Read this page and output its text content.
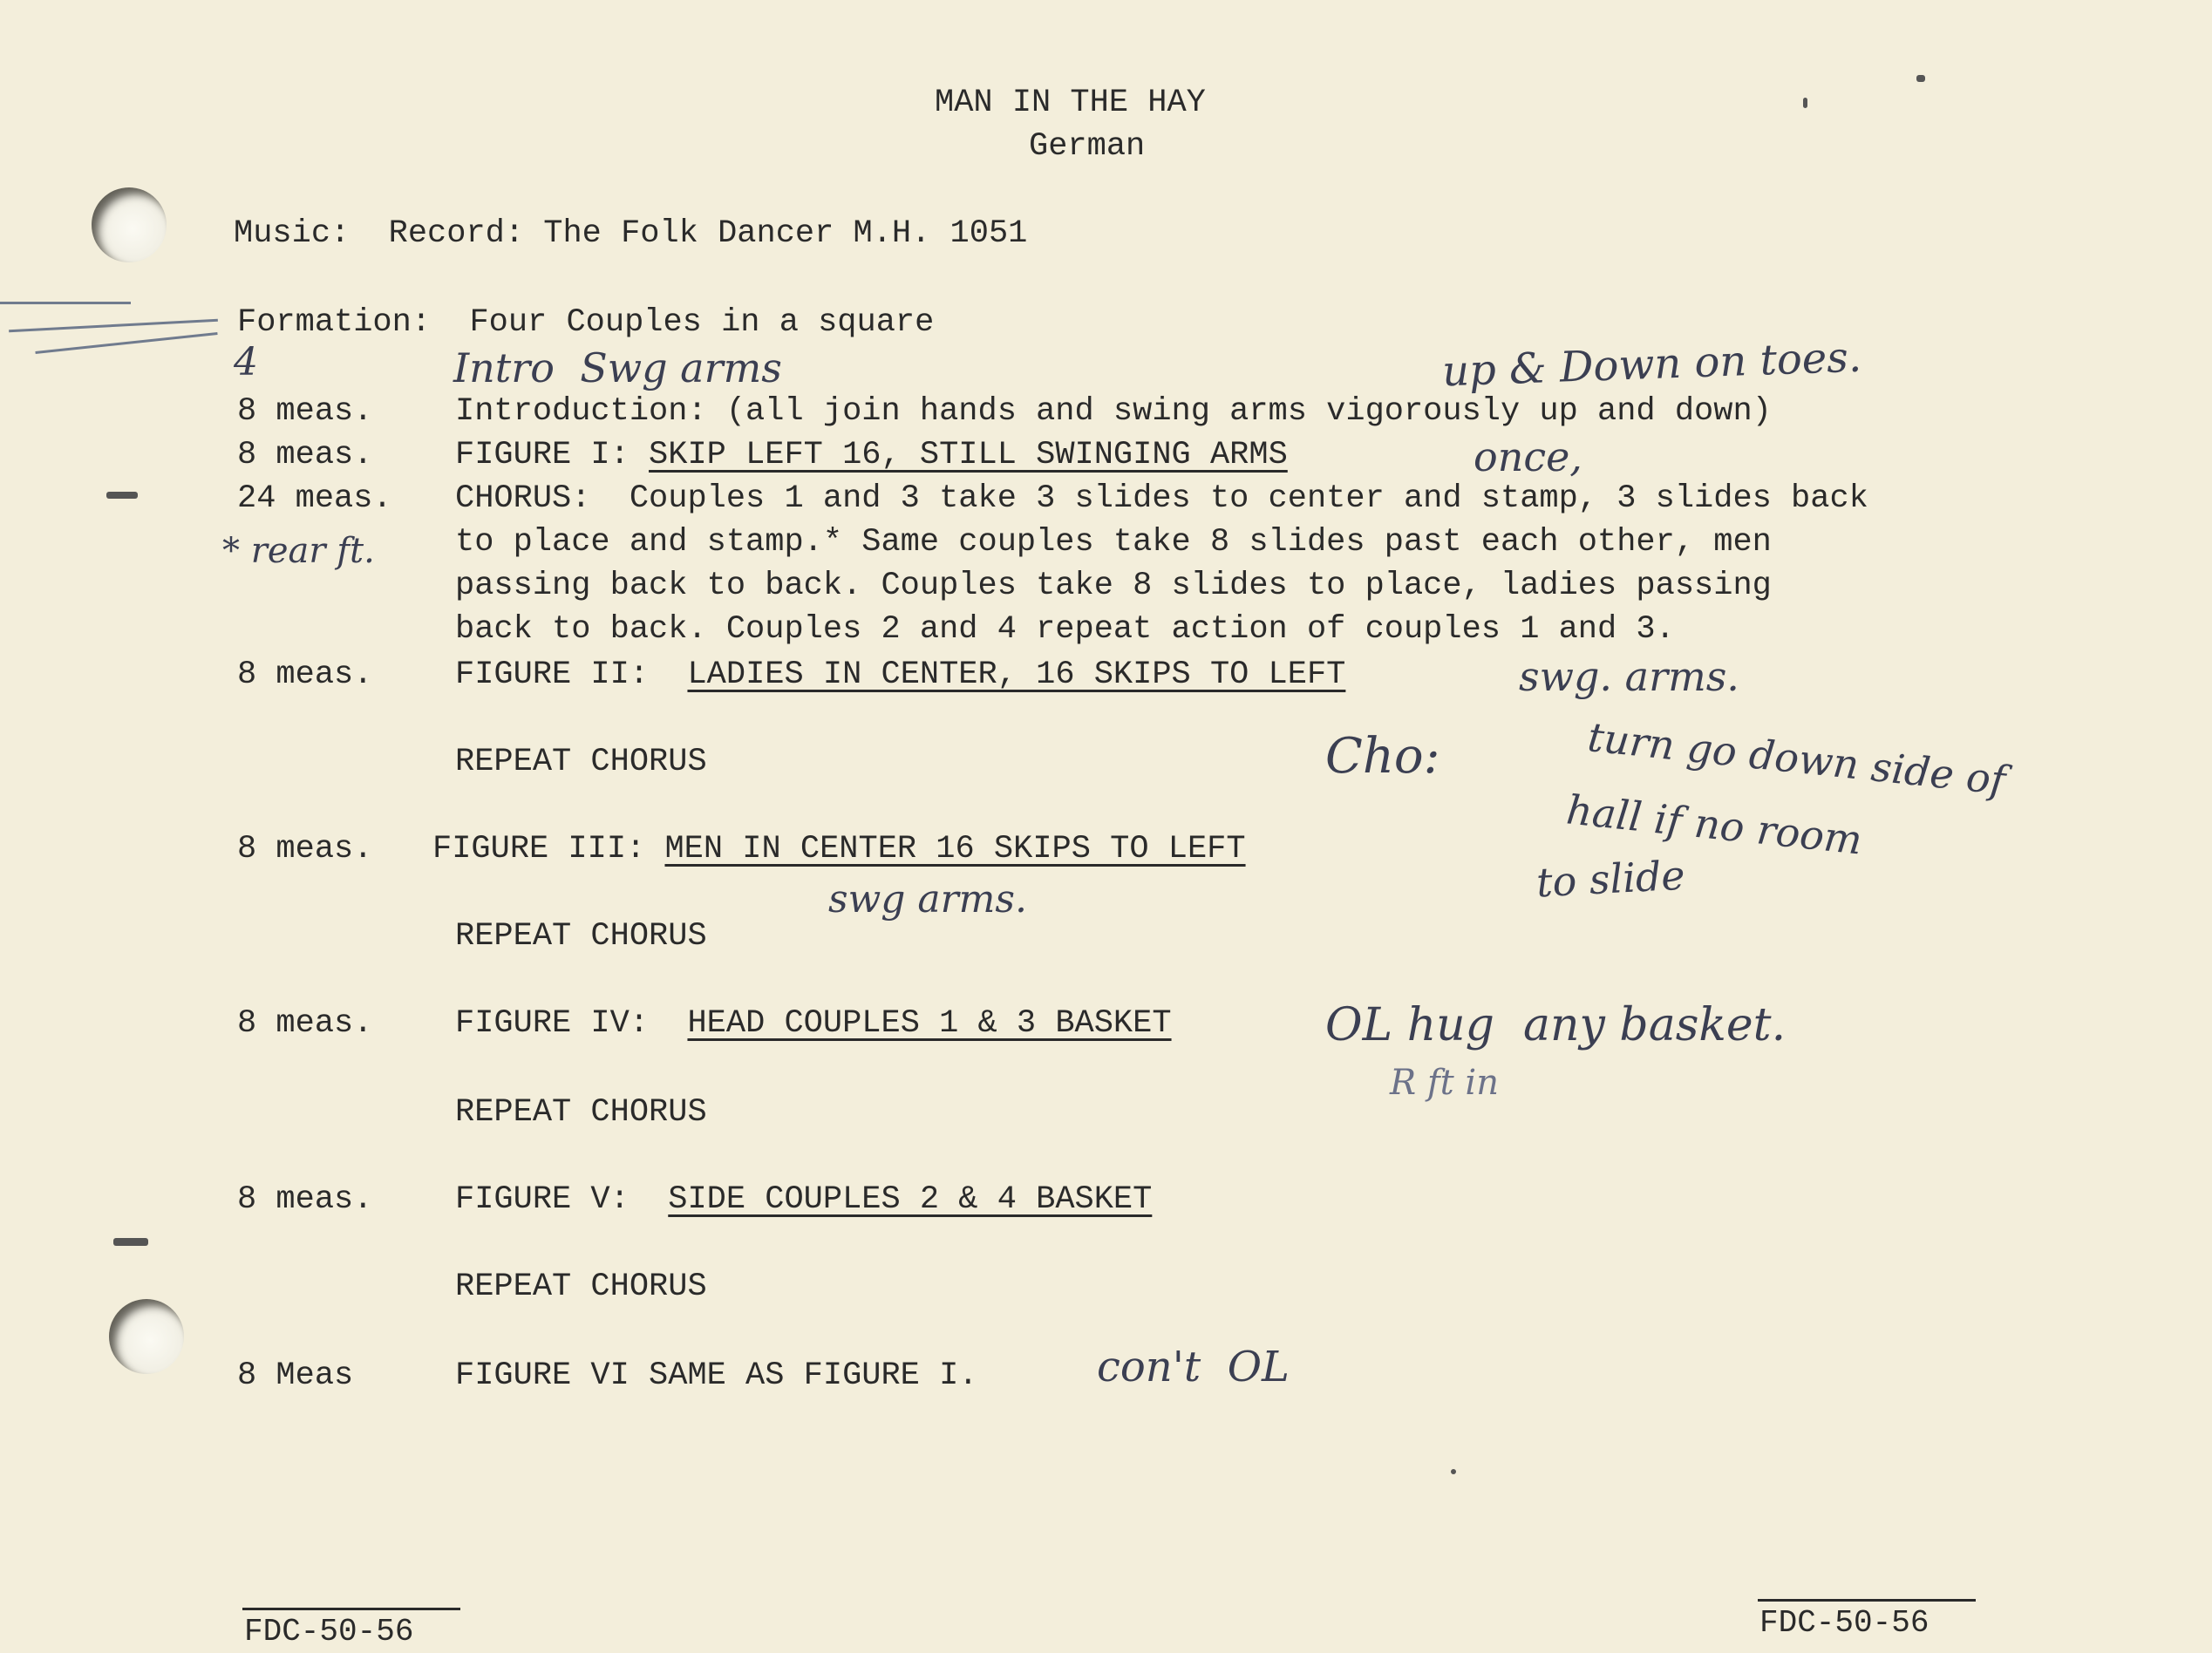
MAN IN THE HAY
German
Music:  Record: The Folk Dancer M.H. 1051
Formation:  Four Couples in a square
8 meas.	Introduction: (all join hands and swing arms vigorously up and down)
8 meas.	FIGURE I: SKIP LEFT 16, STILL SWINGING ARMS
24 meas. CHORUS:  Couples 1 and 3 take 3 slides to center and stamp, 3 slides back
to place and stamp.* Same couples take 8 slides past each other, men
passing back to back. Couples take 8 slides to place, ladies passing
back to back. Couples 2 and 4 repeat action of couples 1 and 3.
8 meas.	FIGURE II:  LADIES IN CENTER, 16 SKIPS TO LEFT
REPEAT CHORUS
8 meas. FIGURE III: MEN IN CENTER 16 SKIPS TO LEFT
REPEAT CHORUS
8 meas.	FIGURE IV:  HEAD COUPLES 1 & 3 BASKET
REPEAT CHORUS
8 meas.	FIGURE V:  SIDE COUPLES 2 & 4 BASKET
REPEAT CHORUS
8 Meas	FIGURE VI SAME AS FIGURE I.
4	Intro  Swg arms	up & Down on toes.
once,
* rear ft.
swg. arms.
Cho:	turn go down side of
hall if no room
to slide
swg arms.
OL hug  any basket.
R ft in
con't  OL
FDC-50-56	FDC-50-56
